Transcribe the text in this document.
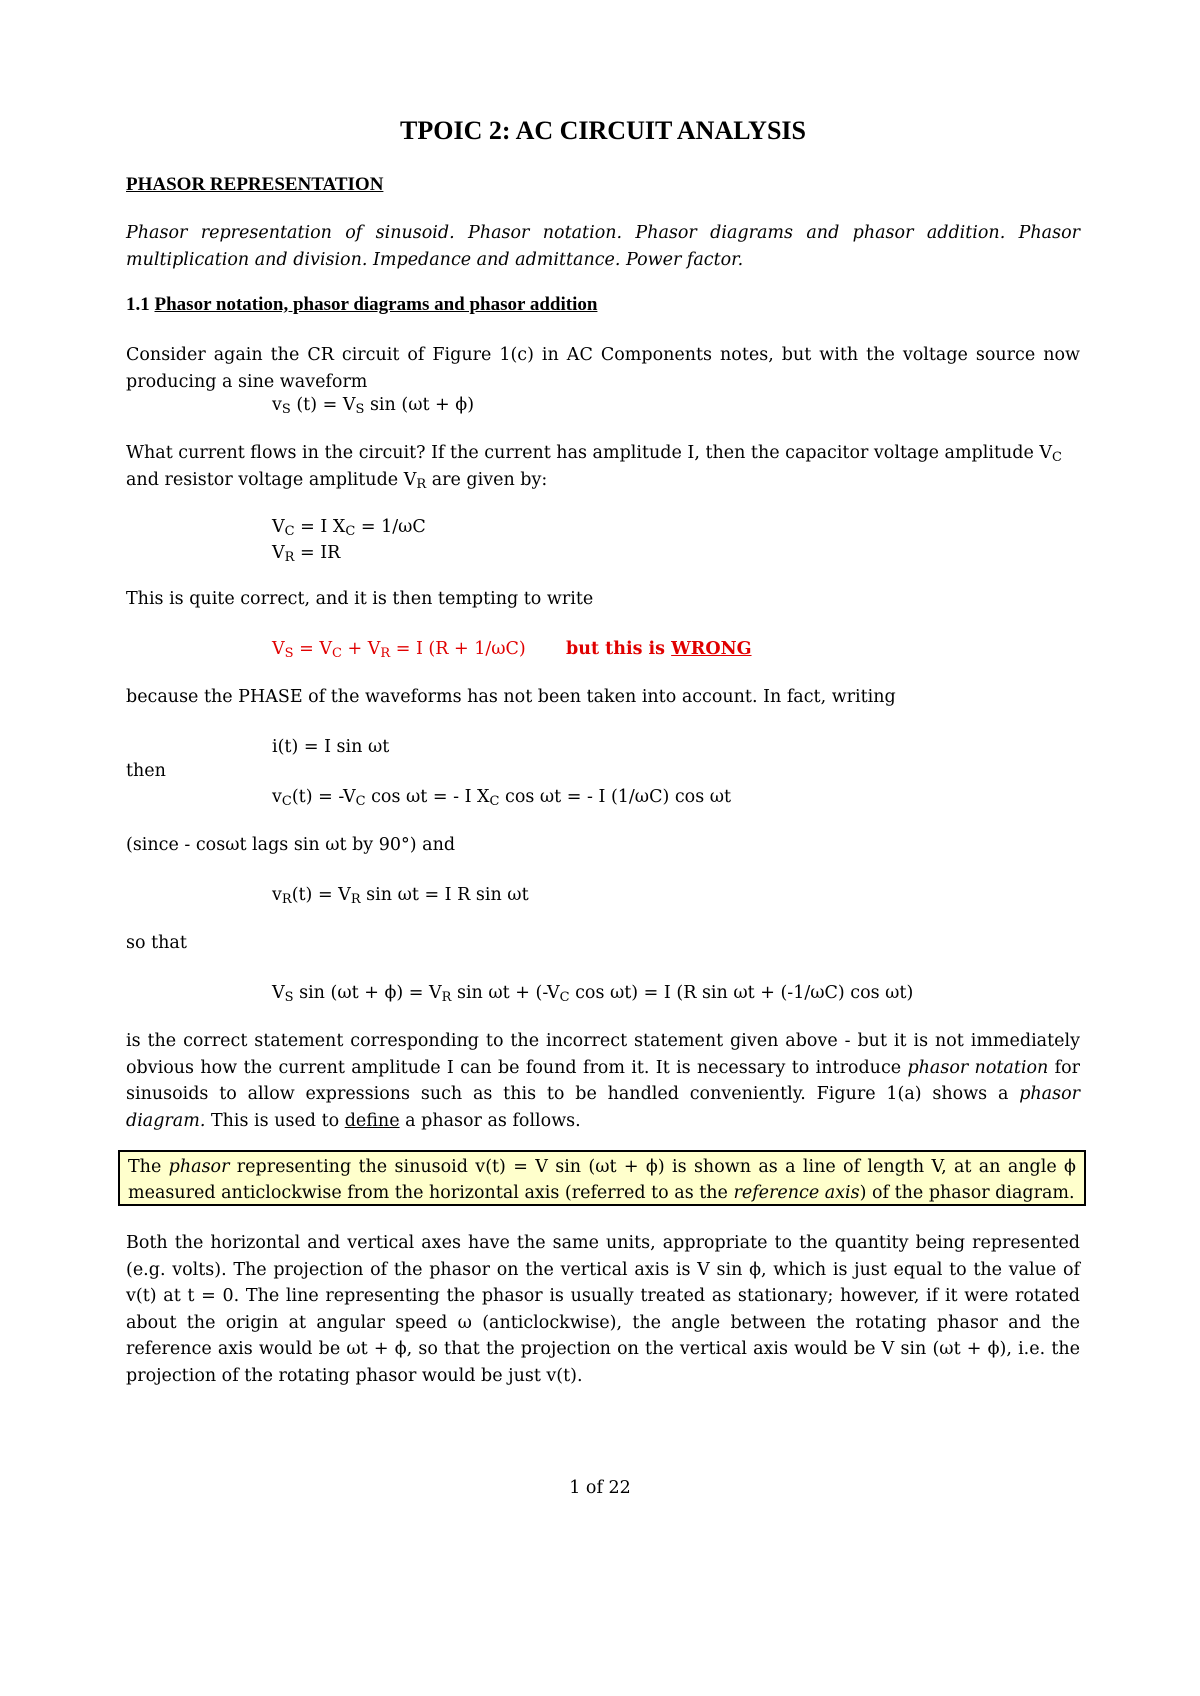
TPOIC 2: AC CIRCUIT ANALYSIS
PHASOR REPRESENTATION
Phasor representation of sinusoid. Phasor notation. Phasor diagrams and phasor addition. Phasor multiplication and division. Impedance and admittance. Power factor.
1.1 Phasor notation, phasor diagrams and phasor addition
Consider again the CR circuit of Figure 1(c) in AC Components notes, but with the voltage source now producing a sine waveform
$v_S$ $(t) = V_S$ sin (ωt + ϕ)
What current flows in the circuit? If the current has amplitude I, then the capacitor voltage amplitude $V_C$
and resistor voltage amplitude $V_R$ are given by:
$V_C = I$ $X_C = 1/\omega C$
$V_R$ = IR
This is quite correct, and it is then tempting to write
$V_S = V_C + V_R = I$ (R + 1/ωC) but this is WRONG
because the PHASE of the waveforms has not been taken into account. In fact, writing
i(t) = I sin ωt
then
$v_C(t) = -V_C$ cos ωt = - I $X_C$ cos ωt = - I (1/ωC) cos ωt
(since - cosωt lags sin ωt by 90°) and
$v_R(t) = V_R$ sin ωt = I R sin ωt
so that
$V_S$ $\sin (\omega t + \phi) = V_R$ $\sin \omega t + (-V_C$ cos ωt) = I (R sin ωt + (-1/ωC) cos ωt)
is the correct statement corresponding to the incorrect statement given above - but it is not immediately obvious how the current amplitude I can be found from it. It is necessary to introduce phasor notation for sinusoids to allow expressions such as this to be handled conveniently. Figure 1(a) shows a phasor diagram. This is used to define a phasor as follows.
The phasor representing the sinusoid v(t) = V sin (ωt + ϕ) is shown as a line of length V, at an angle ϕ measured anticlockwise from the horizontal axis (referred to as the reference axis) of the phasor diagram.
Both the horizontal and vertical axes have the same units, appropriate to the quantity being represented (e.g. volts). The projection of the phasor on the vertical axis is V sin ϕ, which is just equal to the value of v(t) at t = 0. The line representing the phasor is usually treated as stationary; however, if it were rotated about the origin at angular speed ω (anticlockwise), the angle between the rotating phasor and the reference axis would be ωt + ϕ, so that the projection on the vertical axis would be V sin (ωt + ϕ), i.e. the projection of the rotating phasor would be just v(t).
1 of 22
